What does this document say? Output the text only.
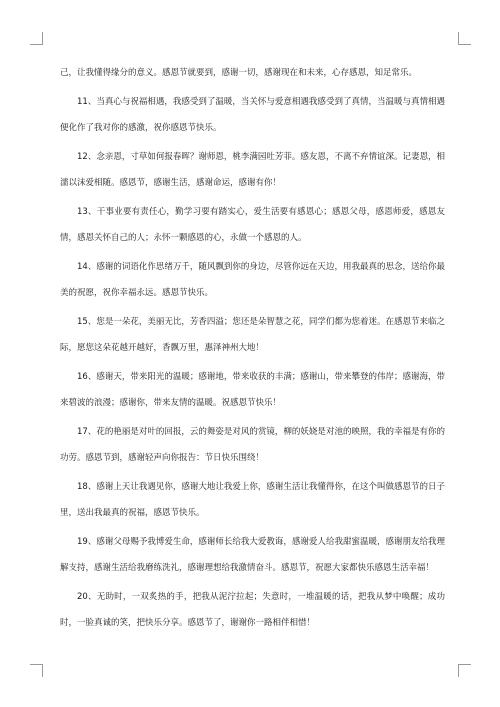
己，让我懂得缘分的意义。感恩节就要到，感谢一切，感谢现在和未来，心存感恩，知足常乐。

11、当真心与祝福相遇，我感受到了温暖，当关怀与爱意相遇我感受到了真情，当温暖与真情相遇便化作了我对你的感激，祝你感恩节快乐。

12、念亲恩，寸草如何报春晖？谢师恩，桃李满园吐芳菲。感友恩，不离不弃情谊深。记妻恩，相濡以沫爱相随。感恩节，感谢生活，感谢命运，感谢有你！

13、干事业要有责任心，勤学习要有踏实心，爱生活要有感恩心；感恩父母，感恩师爱，感恩友情，感恩关怀自己的人；永怀一颗感恩的心，永做一个感恩的人。

14、感谢的词语化作思绪万千，随风飘到你的身边，尽管你远在天边，用我最真的思念，送给你最美的祝愿，祝你幸福永远。感恩节快乐。

15、您是一朵花，美丽无比，芳香四溢；您还是朵智慧之花，同学们都为您着迷。在感恩节来临之际，愿您这朵花越开越好，香飘万里，惠泽神州大地！

16、感谢天，带来阳光的温暖；感谢地，带来收获的丰满；感谢山，带来攀登的伟岸；感谢海，带来碧波的浪漫；感谢你，带来友情的温暖。祝感恩节快乐！

17、花的艳丽是对叶的回报，云的舞姿是对风的赏镜，柳的妖娆是对池的映照，我的幸福是有你的功劳。感恩节到，感谢轻声向你报告：节日快乐围绕！

18、感谢上天让我遇见你，感谢大地让我爱上你，感谢生活让我懂得你，在这个叫做感恩节的日子里，送出我最真的祝福，感恩节快乐。

19、感谢父母赐予我博爱生命，感谢师长给我大爱教诲，感谢爱人给我甜蜜温暖，感谢朋友给我理解支持，感谢生活给我磨练洗礼，感谢理想给我激情奋斗。感恩节，祝愿大家都快乐感恩生活幸福！

20、无助时，一双炙热的手，把我从泥泞拉起；失意时，一堆温暖的话，把我从梦中唤醒；成功时，一脸真诚的笑，把快乐分享。感恩节了，谢谢你一路相伴相惜！
